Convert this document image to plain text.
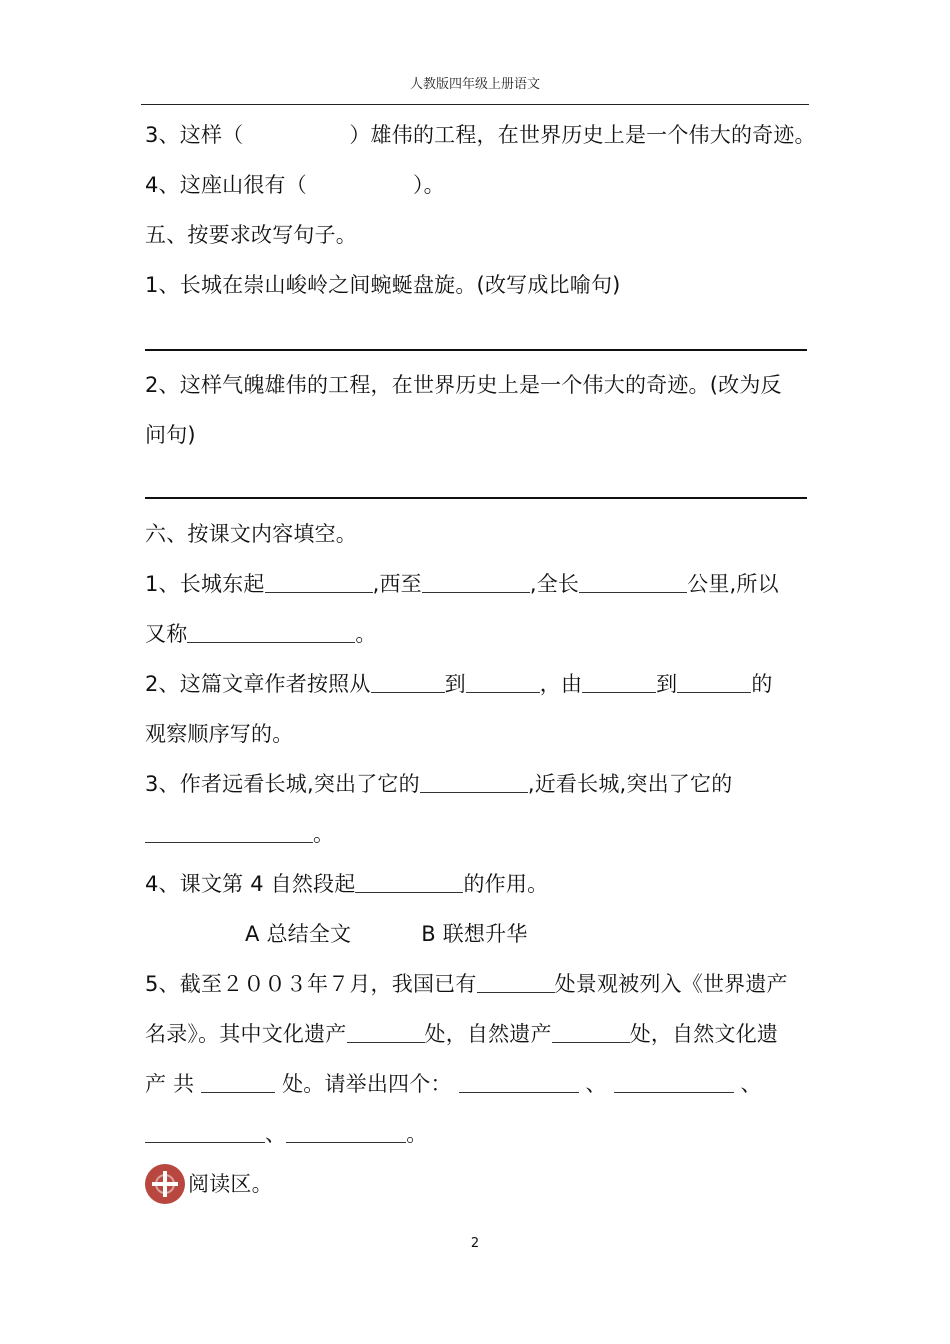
人教版四年级上册语文
3、这样（　　　　　）雄伟的工程，在世界历史上是一个伟大的奇迹。
4、这座山很有（　　　　　）。
五、按要求改写句子。
1、长城在崇山峻岭之间蜿蜒盘旋。(改写成比喻句)
2、这样气魄雄伟的工程，在世界历史上是一个伟大的奇迹。(改为反
问句)
六、按课文内容填空。
1、长城东起	,西至	,全长	公里,所以
又称	。
2、这篇文章作者按照从	到	，由	到	的
观察顺序写的。
3、作者远看长城,突出了它的	,近看长城,突出了它的
。
4、课文第 4 自然段起	的作用。
A 总结全文	B 联想升华
5、截至２００３年７月，我国已有	处景观被列入《世界遗产
名录》。其中文化遗产	处，自然遗产	处，自然文化遗
产 共	处。请举出四个：	、	、
、	。
阅读区。
2
